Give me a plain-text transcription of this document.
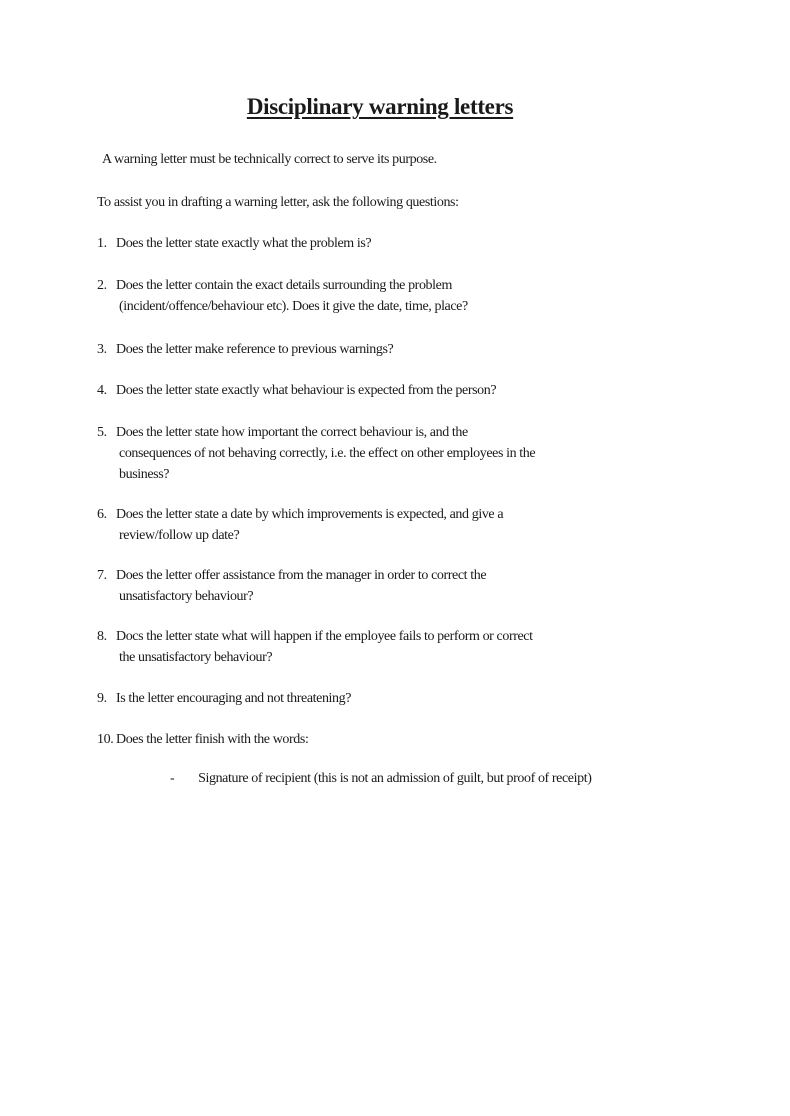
Disciplinary warning letters
A warning letter must be technically correct to serve its purpose.
To assist you in drafting a warning letter, ask the following questions:
1. Does the letter state exactly what the problem is?
2. Does the letter contain the exact details surrounding the problem
(incident/offence/behaviour etc). Does it give the date, time, place?
3. Does the letter make reference to previous warnings?
4. Does the letter state exactly what behaviour is expected from the person?
5. Does the letter state how important the correct behaviour is, and the
consequences of not behaving correctly, i.e. the effect on other employees in the
business?
6. Does the letter state a date by which improvements is expected, and give a
review/follow up date?
7. Does the letter offer assistance from the manager in order to correct the
unsatisfactory behaviour?
8. Docs the letter state what will happen if the employee fails to perform or correct
the unsatisfactory behaviour?
9. Is the letter encouraging and not threatening?
10. Does the letter finish with the words:
- Signature of recipient (this is not an admission of guilt, but proof of receipt)
